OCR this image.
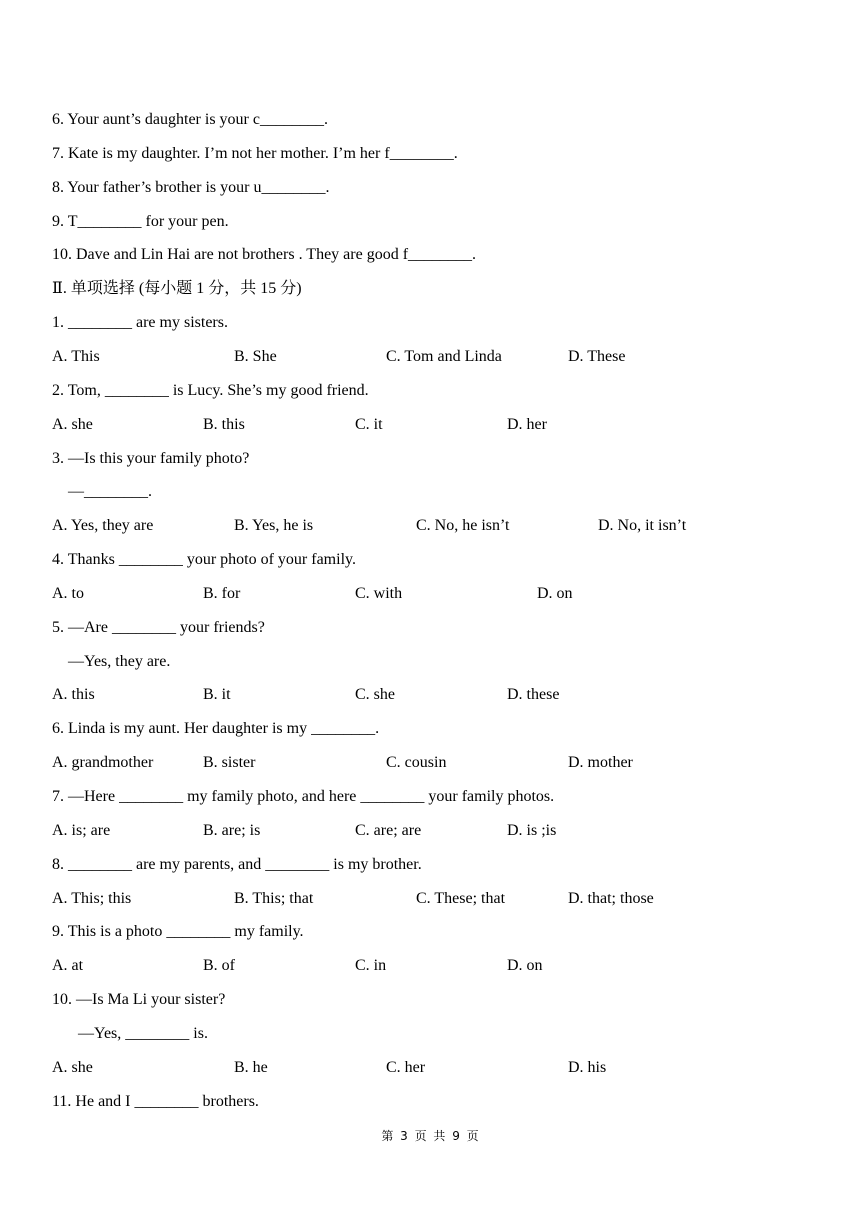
6. Your aunt’s daughter is your c________.
7. Kate is my daughter. I’m not her mother. I’m her f________.
8. Your father’s brother is your u________.
9. T________ for your pen.
10. Dave and Lin Hai are not brothers . They are good f________.
Ⅱ. 单项选择 (每小题 1 分，共 15 分)
1. ________ are my sisters.
A. This	B. She	C. Tom and Linda	D. These
2. Tom, ________ is Lucy. She’s my good friend.
A. she	B. this	C. it	D. her
3. —Is this your family photo?
—________.
A. Yes, they are	B. Yes, he is	C. No, he isn’t	D. No, it isn’t
4. Thanks ________ your photo of your family.
A. to	B. for	C. with	D. on
5. —Are ________ your friends?
—Yes, they are.
A. this	B. it	C. she	D. these
6. Linda is my aunt. Her daughter is my ________.
A. grandmother	B. sister	C. cousin	D. mother
7. —Here ________ my family photo, and here ________ your family photos.
A. is; are	B. are; is	C. are; are	D. is ;is
8. ________ are my parents, and ________ is my brother.
A. This; this	B. This; that	C. These; that	D. that; those
9. This is a photo ________ my family.
A. at	B. of	C. in	D. on
10. —Is Ma Li your sister?
—Yes, ________ is.
A. she	B. he	C. her	D. his
11. He and I ________ brothers.
第 3 页 共 9 页
